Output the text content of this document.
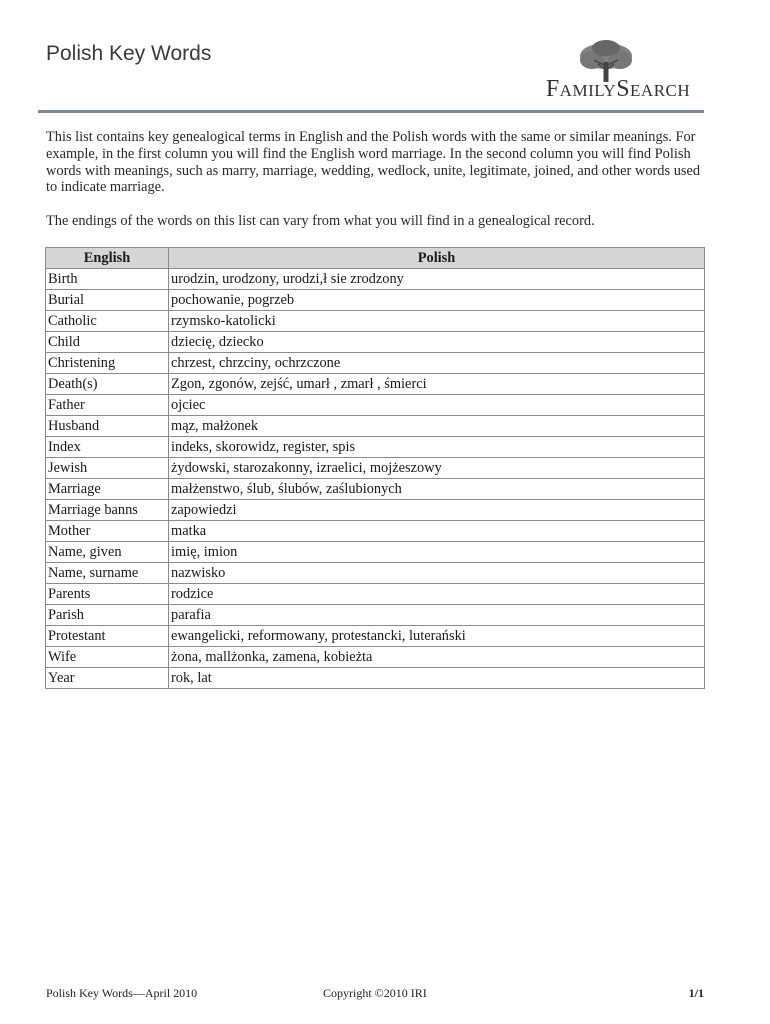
Polish Key Words
FamilySearch

This list contains key genealogical terms in English and the Polish words with the same or similar meanings. For example, in the first column you will find the English word marriage. In the second column you will find Polish words with meanings, such as marry, marriage, wedding, wedlock, unite, legitimate, joined, and other words used to indicate marriage.

The endings of the words on this list can vary from what you will find in a genealogical record.

English	Polish
Birth	urodzin, urodzony, urodzi,ł sie zrodzony
Burial	pochowanie, pogrzeb
Catholic	rzymsko-katolicki
Child	dziecię, dziecko
Christening	chrzest, chrzciny, ochrzczone
Death(s)	Zgon, zgonów, zejść, umarł , zmarł , śmierci
Father	ojciec
Husband	mąz, małżonek
Index	indeks, skorowidz, register, spis
Jewish	żydowski, starozakonny, izraelici, mojżeszowy
Marriage	małżenstwo, ślub, ślubów, zaślubionych
Marriage banns	zapowiedzi
Mother	matka
Name, given	imię, imion
Name, surname	nazwisko
Parents	rodzice
Parish	parafia
Protestant	ewangelicki, reformowany, protestancki, luterański
Wife	żona, mallżonka, zamena, kobieżta
Year	rok, lat
Polish Key Words—April 2010	Copyright ©2010 IRI	1/1
